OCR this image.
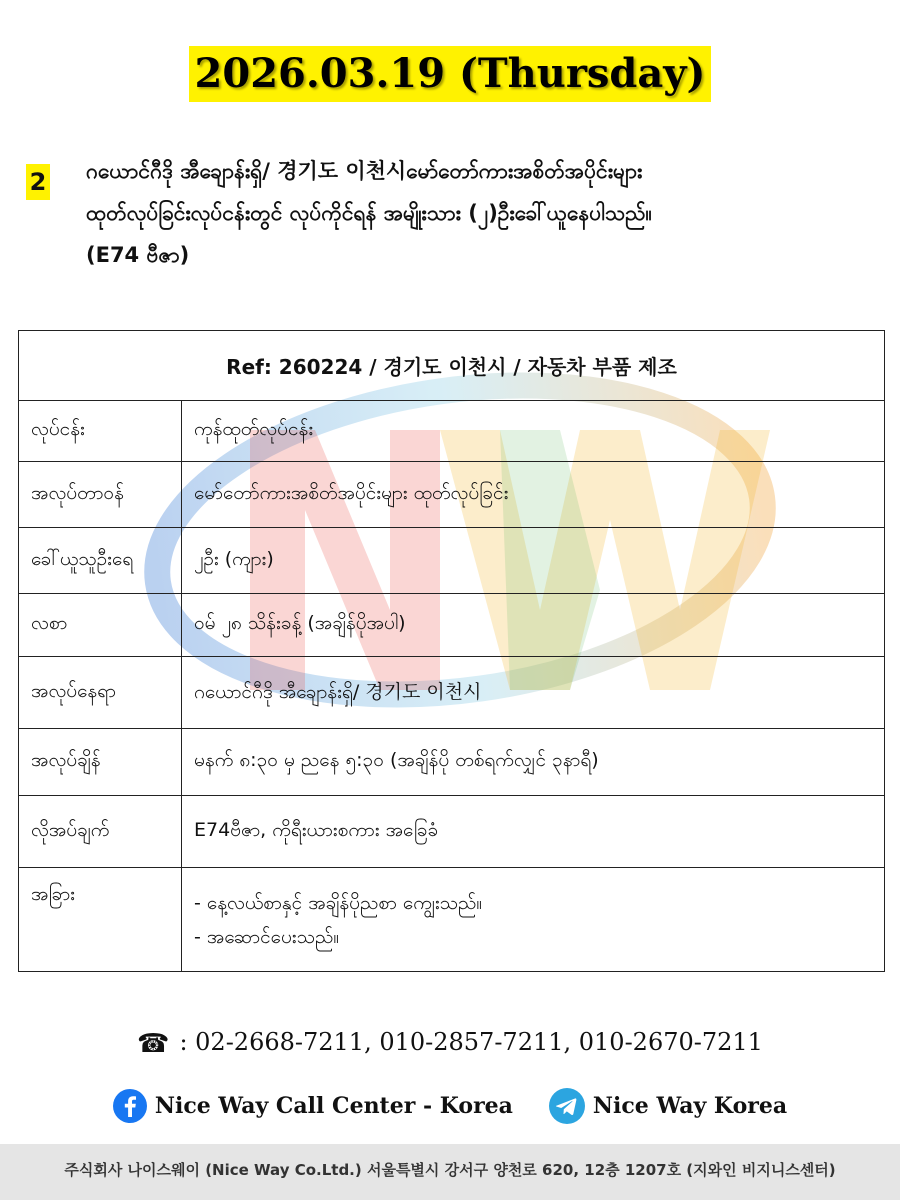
2026.03.19 (Thursday)
2 ဂယောင်ဂီဒို အီချောန်းရှိ/ 경기도 이천시မော်တော်ကားအစိတ်အပိုင်းများ
ထုတ်လုပ်ခြင်းလုပ်ငန်းတွင် လုပ်ကိုင်ရန် အမျိုးသား (၂)ဦးခေါ်ယူနေပါသည်။
(E74 ဗီဇာ)
Ref: 260224 / 경기도 이천시 / 자동차 부품 제조	
လုပ်ငန်း	ကုန်ထုတ်လုပ်ငန်း
အလုပ်တာဝန်	မော်တော်ကားအစိတ်အပိုင်းများ ထုတ်လုပ်ခြင်း
ခေါ်ယူသူဦးရေ	၂ဦး (ကျား)
လစာ	ဝမ် ၂၈ သိန်းခန့် (အချိန်ပိုအပါ)
အလုပ်နေရာ	ဂယောင်ဂီဒို အီချောန်းရှိ/ 경기도 이천시
အလုပ်ချိန်	မနက် ၈:၃၀ မှ ညနေ ၅:၃၀ (အချိန်ပို တစ်ရက်လျှင် ၃နာရီ)
လိုအပ်ချက်	E74ဗီဇာ, ကိုရီးယားစကား အခြေခံ
အခြား	- နေ့လယ်စာနှင့် အချိန်ပိုညစာ ကျွေးသည်။
- အဆောင်ပေးသည်။
☎ : 02-2668-7211, 010-2857-7211, 010-2670-7211
Nice Way Call Center - Korea	Nice Way Korea
주식회사 나이스웨이 (Nice Way Co.Ltd.) 서울특별시 강서구 양천로 620, 12층 1207호 (지와인 비지니스센터)
